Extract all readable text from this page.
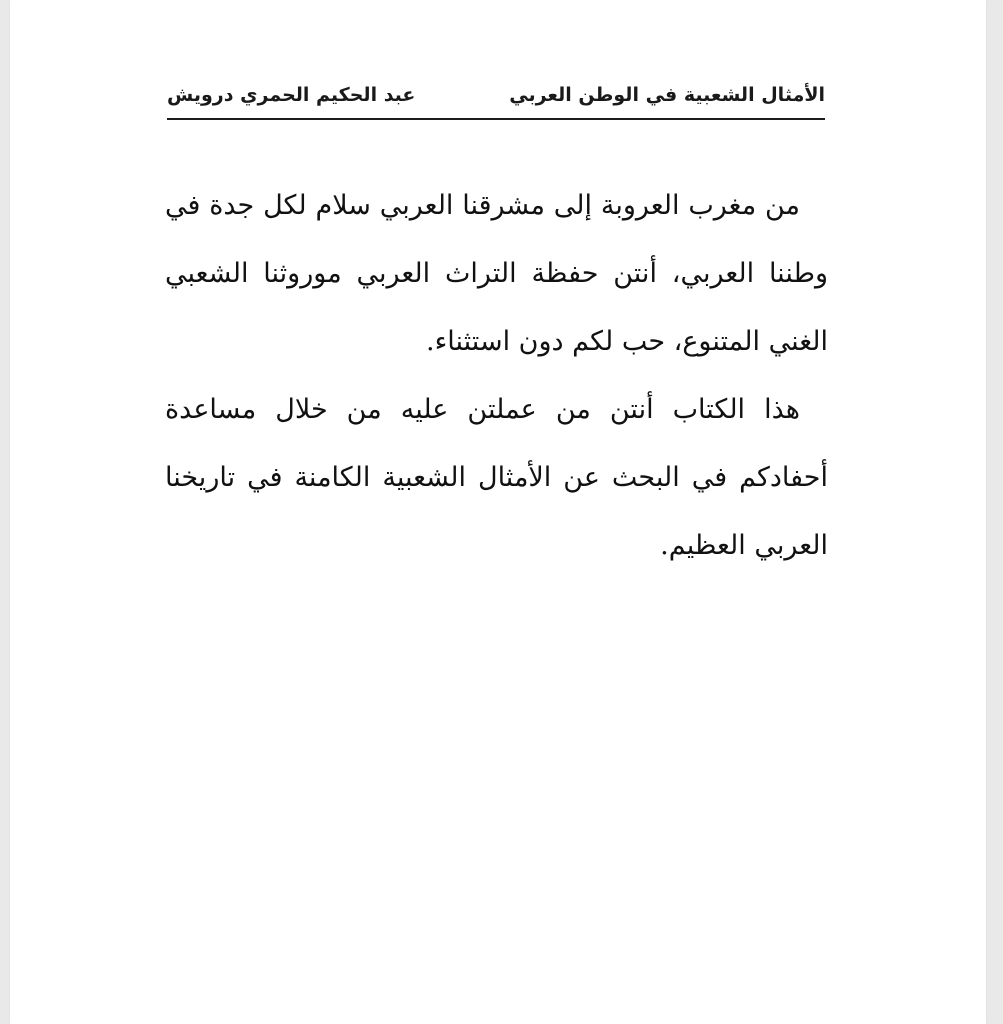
الأمثال الشعبية في الوطن العربي
عبد الحكيم الحمري درويش

من مغرب العروبة إلى مشرقنا العربي سلام لكل جدة في وطننا العربي، أنتن حفظة التراث العربي موروثنا الشعبي الغني المتنوع، حب لكم دون استثناء.

هذا الكتاب أنتن من عملتن عليه من خلال مساعدة أحفادكم في البحث عن الأمثال الشعبية الكامنة في تاريخنا العربي العظيم.
